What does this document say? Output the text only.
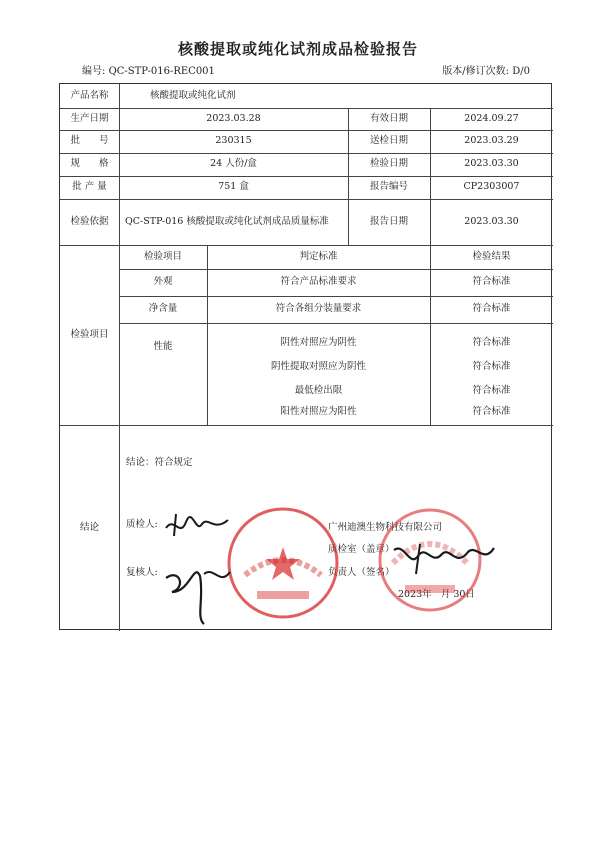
核酸提取或纯化试剂成品检验报告
编号: QC-STP-016-REC001	版本/修订次数: D/0
产品名称	核酸提取或纯化试剂
生产日期	2023.03.28	有效日期	2024.09.27
批　　号	230315	送检日期	2023.03.29
规　　格	24 人份/盒	检验日期	2023.03.30
批 产 量	751 盒	报告编号	CP2303007
检验依据	QC-STP-016 核酸提取或纯化试剂成品质量标准	报告日期	2023.03.30
检验项目
检验项目	判定标准	检验结果
外观	符合产品标准要求	符合标准
净含量	符合各组分装量要求	符合标准
性能	阴性对照应为阴性	符合标准
阴性提取对照应为阴性	符合标准
最低检出限	符合标准
阳性对照应为阳性	符合标准
结论
结论：符合规定
质检人:
复核人:
广州迪澳生物科技有限公司
质检室（盖章）
负责人（签名）
2023 年
月
30 日
